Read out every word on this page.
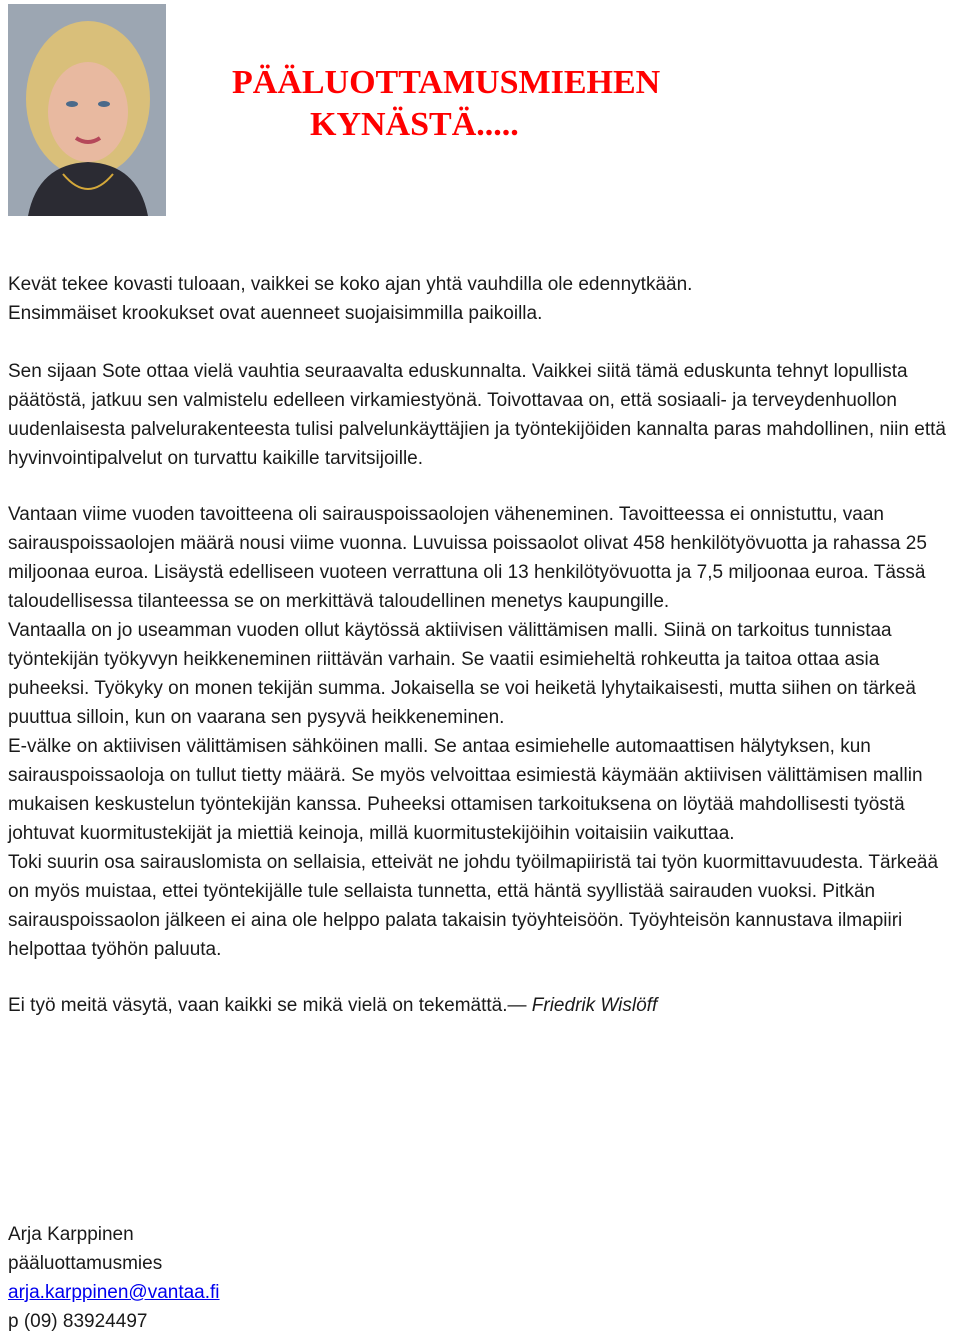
PÄÄLUOTTAMUSMIEHEN
KYNÄSTÄ.....

Kevät tekee kovasti tuloaan, vaikkei se koko ajan yhtä vauhdilla ole edennytkään.

Ensimmäiset krookukset ovat auenneet suojaisimmilla paikoilla.

Sen sijaan Sote ottaa vielä vauhtia seuraavalta eduskunnalta. Vaikkei siitä tämä eduskunta tehnyt lopullista päätöstä, jatkuu sen valmistelu edelleen virkamiestyönä. Toivottavaa on, että sosiaali- ja terveydenhuollon uudenlaisesta palvelurakenteesta tulisi palvelunkäyttäjien ja työntekijöiden kannalta paras mahdollinen, niin että hyvinvointipalvelut on turvattu kaikille tarvitsijoille.

Vantaan viime vuoden tavoitteena oli sairauspoissaolojen väheneminen. Tavoitteessa ei onnistuttu, vaan sairauspoissaolojen määrä nousi viime vuonna. Luvuissa poissaolot olivat 458 henkilötyövuotta ja rahassa 25 miljoonaa euroa. Lisäystä edelliseen vuoteen verrattuna oli 13 henkilötyövuotta ja 7,5 miljoonaa euroa. Tässä taloudellisessa tilanteessa se on merkittävä taloudellinen menetys kaupungille.

Vantaalla on jo useamman vuoden ollut käytössä aktiivisen välittämisen malli. Siinä on tarkoitus tunnistaa työntekijän työkyvyn heikkeneminen riittävän varhain. Se vaatii esimieheltä rohkeutta ja taitoa ottaa asia puheeksi. Työkyky on monen tekijän summa. Jokaisella se voi heiketä lyhytaikaisesti, mutta siihen on tärkeä puuttua silloin, kun on vaarana sen pysyvä heikkeneminen.

E-välke on aktiivisen välittämisen sähköinen malli. Se antaa esimiehelle automaattisen hälytyksen, kun sairauspoissaoloja on tullut tietty määrä. Se myös velvoittaa esimiestä käymään aktiivisen välittämisen mallin mukaisen keskustelun työntekijän kanssa. Puheeksi ottamisen tarkoituksena on löytää mahdollisesti työstä johtuvat kuormitustekijät ja miettiä keinoja, millä kuormitustekijöihin voitaisiin vaikuttaa.

Toki suurin osa sairauslomista on sellaisia, etteivät ne johdu työilmapiiristä tai työn kuormittavuudesta. Tärkeää on myös muistaa, ettei työntekijälle tule sellaista tunnetta, että häntä syyllistää sairauden vuoksi. Pitkän sairauspoissaolon jälkeen ei aina ole helppo palata takaisin työyhteisöön. Työyhteisön kannustava ilmapiiri helpottaa työhön paluuta.

Ei työ meitä väsytä, vaan kaikki se mikä vielä on tekemättä.— Friedrik Wislöff

Arja Karppinen
pääluottamusmies
arja.karppinen@vantaa.fi
p (09) 83924497
